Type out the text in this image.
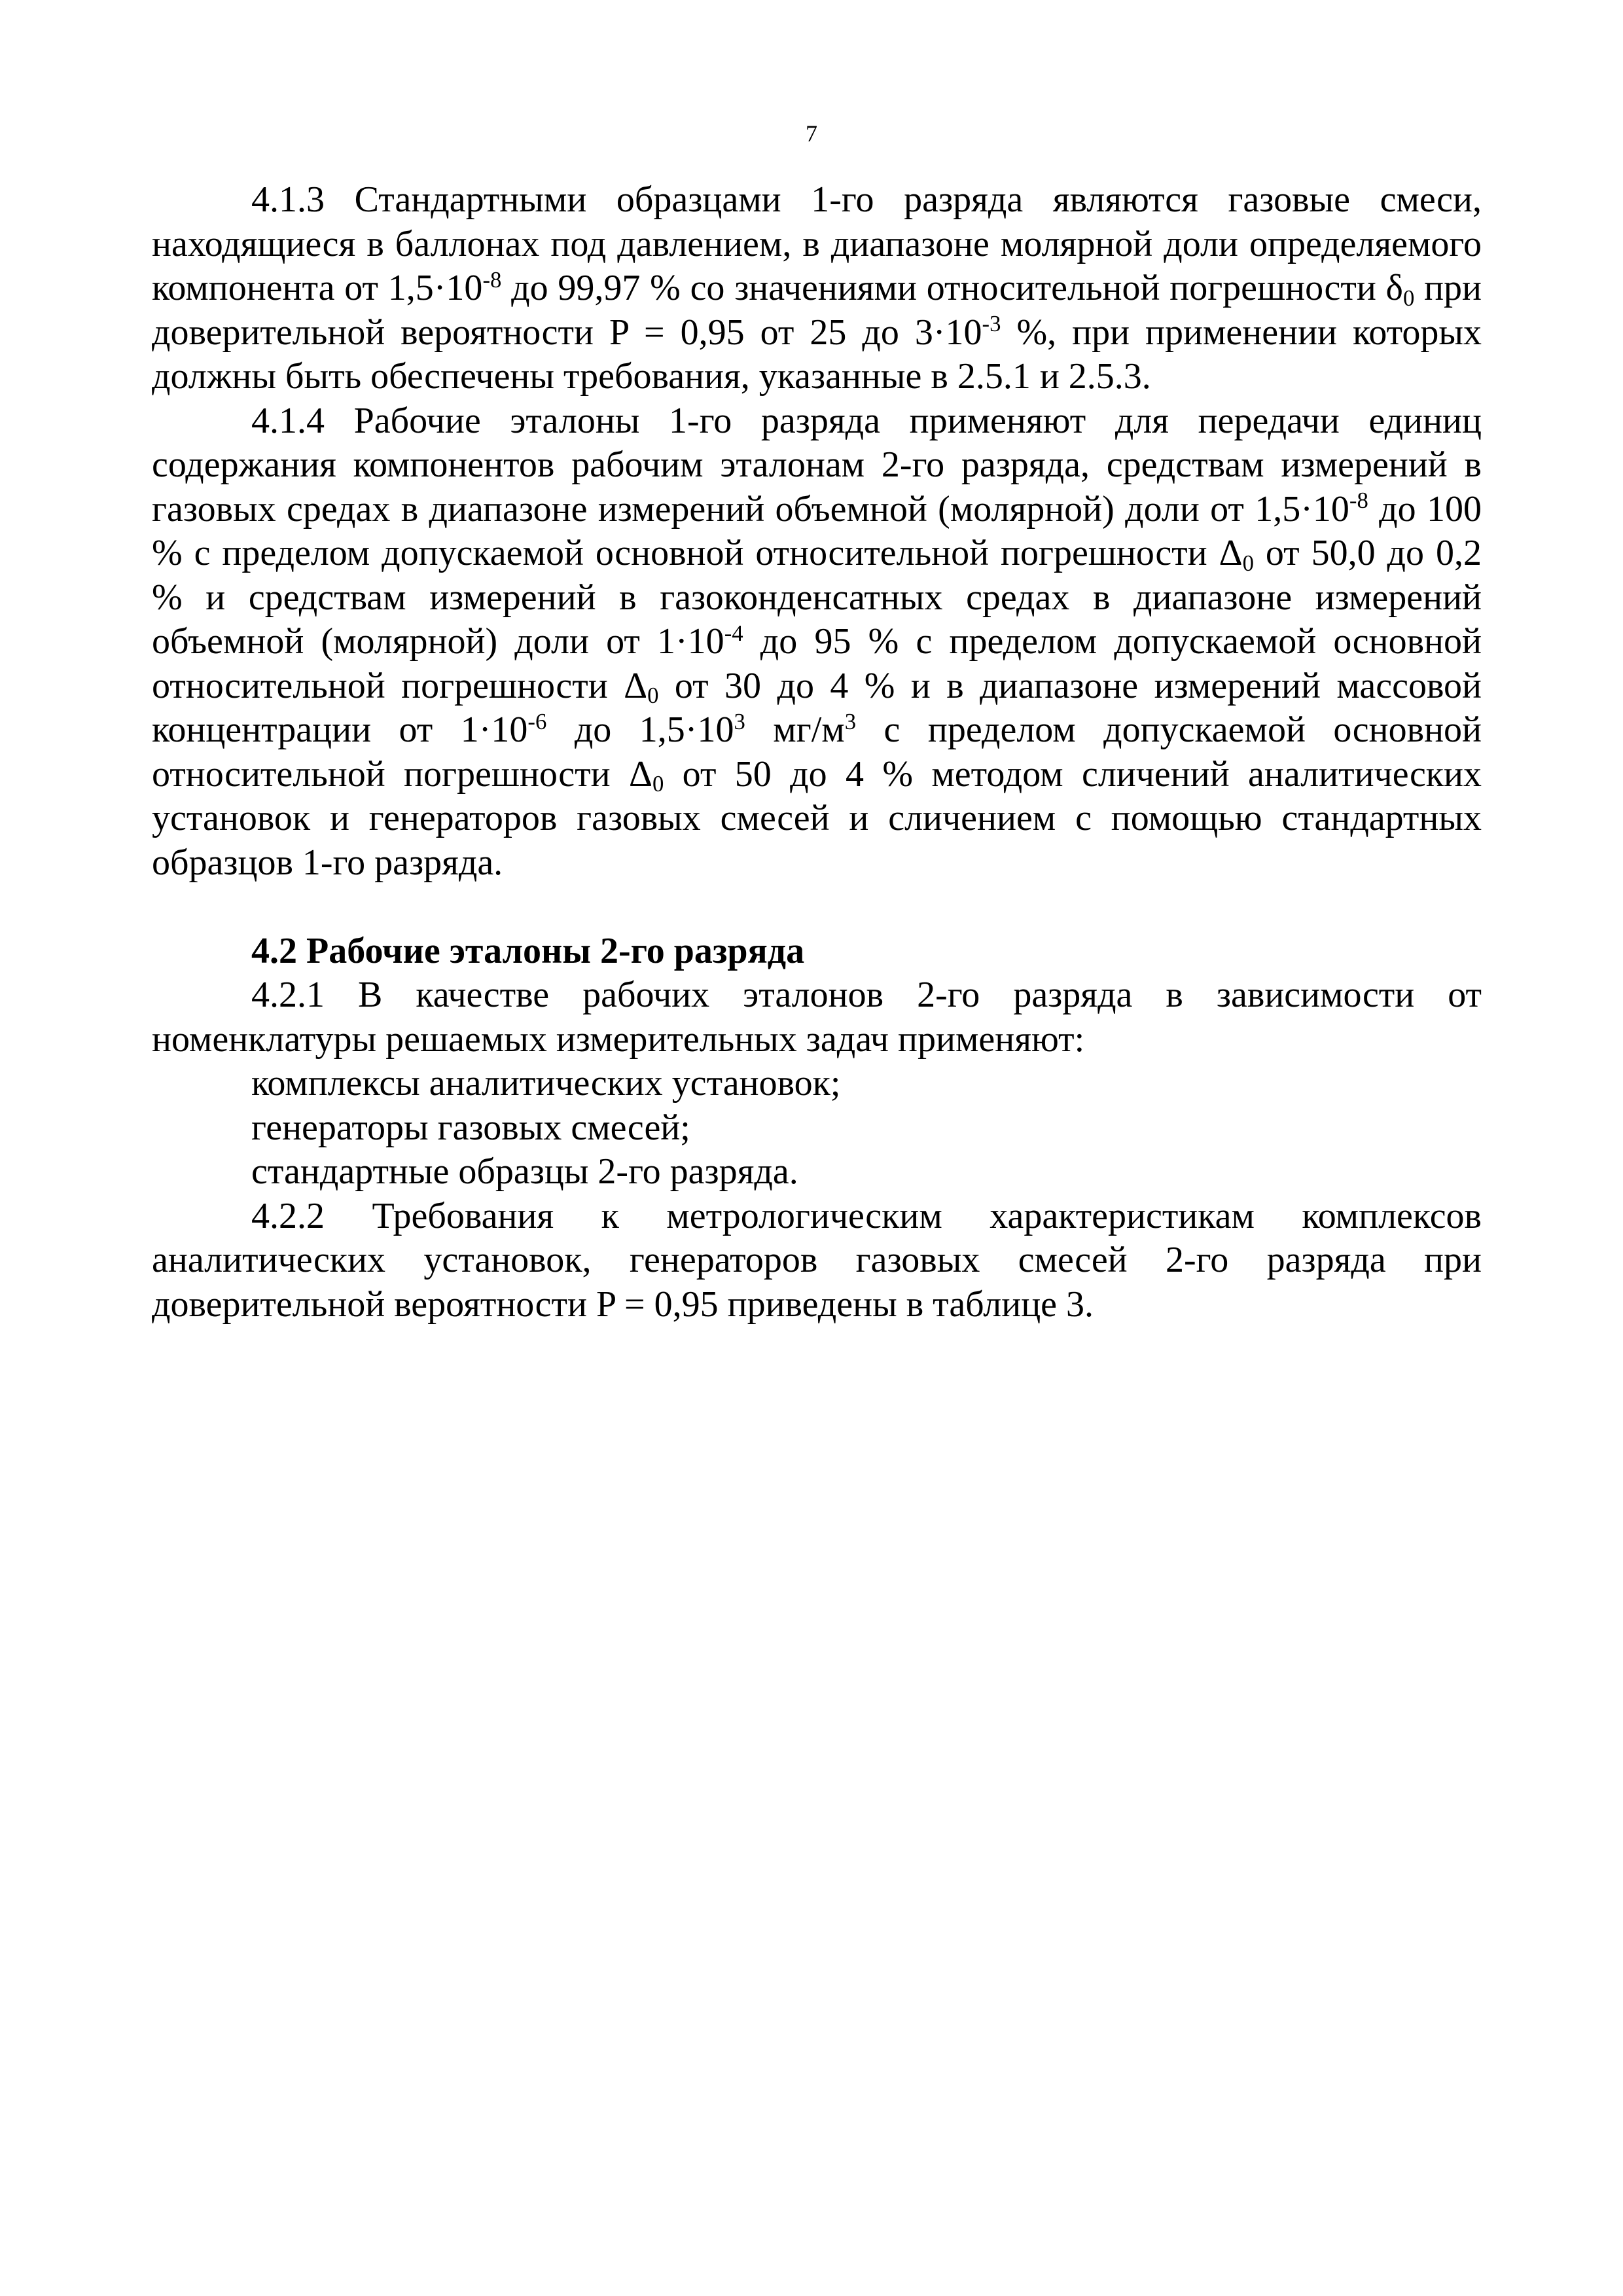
7

4.1.3 Стандартными образцами 1-го разряда являются газовые смеси, находящиеся в баллонах под давлением, в диапазоне молярной доли определяемого компонента от $1,5\cdot 10^{-8}$ до 99,97 % со значениями относительной погрешности $\delta_0$ при доверительной вероятности P = 0,95 от 25 до $3\cdot 10^{-3}$ %, при применении которых должны быть обеспечены требования, указанные в 2.5.1 и 2.5.3.

4.1.4 Рабочие эталоны 1-го разряда применяют для передачи единиц содержания компонентов рабочим эталонам 2-го разряда, средствам измерений в газовых средах в диапазоне измерений объемной (молярной) доли от $1,5\cdot 10^{-8}$ до 100 % с пределом допускаемой основной относительной погрешности $\Delta_0$ от 50,0 до 0,2 % и средствам измерений в газоконденсатных средах в диапазоне измерений объемной (молярной) доли от $1\cdot 10^{-4}$ до 95 % с пределом допускаемой основной относительной погрешности $\Delta_0$ от 30 до 4 % и в диапазоне измерений массовой концентрации от $1\cdot 10^{-6}$ до $1,5\cdot 10^3$ $мг/м^3$ с пределом допускаемой основной относительной погрешности $\Delta_0$ от 50 до 4 % методом сличений аналитических установок и генераторов газовых смесей и сличением с помощью стандартных образцов 1-го разряда.

4.2 Рабочие эталоны 2-го разряда

4.2.1 В качестве рабочих эталонов 2-го разряда в зависимости от номенклатуры решаемых измерительных задач применяют:

комплексы аналитических установок;

генераторы газовых смесей;

стандартные образцы 2-го разряда.

4.2.2 Требования к метрологическим характеристикам комплексов аналитических установок, генераторов газовых смесей 2-го разряда при доверительной вероятности P = 0,95 приведены в таблице 3.
